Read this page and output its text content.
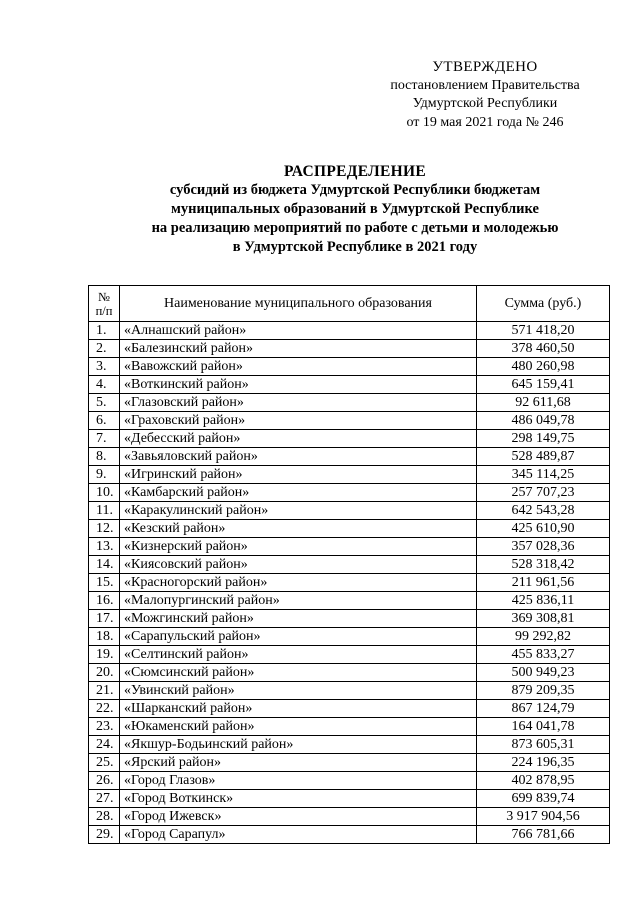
УТВЕРЖДЕНО
постановлением Правительства
Удмуртской Республики
от 19 мая 2021 года № 246
РАСПРЕДЕЛЕНИЕ
субсидий из бюджета Удмуртской Республики бюджетам
муниципальных образований в Удмуртской Республике
на реализацию мероприятий по работе с детьми и молодежью
в Удмуртской Республике в 2021 году
№
п/п	Наименование муниципального образования	Сумма (руб.)
1.	«Алнашский район»	571 418,20
2.	«Балезинский район»	378 460,50
3.	«Вавожский район»	480 260,98
4.	«Воткинский район»	645 159,41
5.	«Глазовский район»	92 611,68
6.	«Граховский район»	486 049,78
7.	«Дебесский район»	298 149,75
8.	«Завьяловский район»	528 489,87
9.	«Игринский район»	345 114,25
10.	«Камбарский район»	257 707,23
11.	«Каракулинский район»	642 543,28
12.	«Кезский район»	425 610,90
13.	«Кизнерский район»	357 028,36
14.	«Киясовский район»	528 318,42
15.	«Красногорский район»	211 961,56
16.	«Малопургинский район»	425 836,11
17.	«Можгинский район»	369 308,81
18.	«Сарапульский район»	99 292,82
19.	«Селтинский район»	455 833,27
20.	«Сюмсинский район»	500 949,23
21.	«Увинский район»	879 209,35
22.	«Шарканский район»	867 124,79
23.	«Юкаменский район»	164 041,78
24.	«Якшур-Бодьинский район»	873 605,31
25.	«Ярский район»	224 196,35
26.	«Город Глазов»	402 878,95
27.	«Город Воткинск»	699 839,74
28.	«Город Ижевск»	3 917 904,56
29.	«Город Сарапул»	766 781,66
